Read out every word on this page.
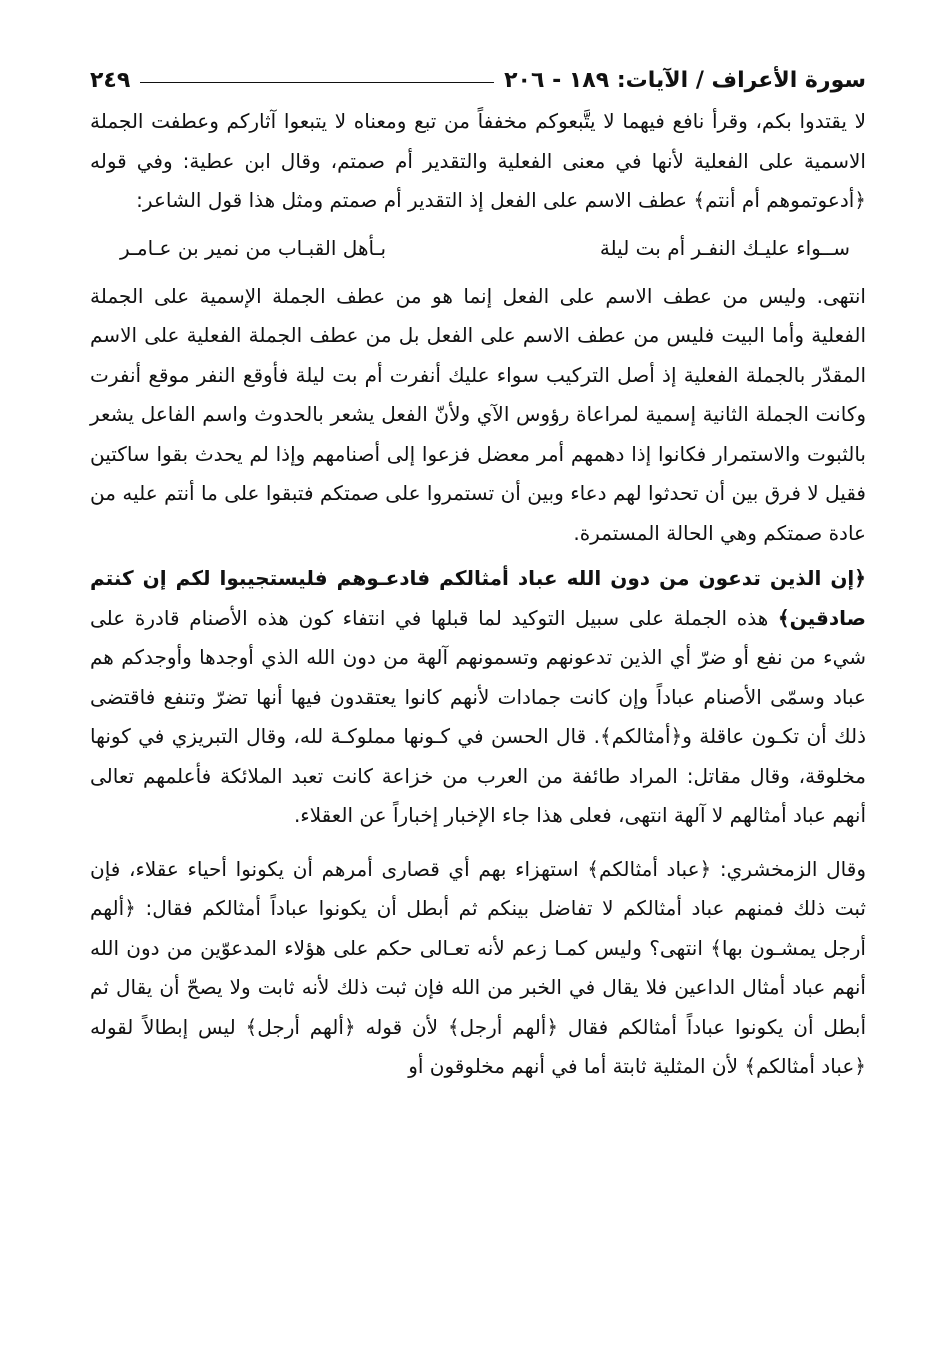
سورة الأعراف / الآيات: ١٨٩ - ٢٠٦
٢٤٩

لا يقتدوا بكم، وقرأ نافع فيهما لا يتَّبعوكم مخففاً من تبع ومعناه لا يتبعوا آثاركم وعطفت الجملة الاسمية على الفعلية لأنها في معنى الفعلية والتقدير أم صمتم، وقال ابن عطية: وفي قوله ﴿أدعوتموهم أم أنتم﴾ عطف الاسم على الفعل إذ التقدير أم صمتم ومثل هذا قول الشاعر:

ســواء عليـك النفـر أم بت ليلة
بـأهل القبـاب من نمير بن عـامـر

انتهى. وليس من عطف الاسم على الفعل إنما هو من عطف الجملة الإسمية على الجملة الفعلية وأما البيت فليس من عطف الاسم على الفعل بل من عطف الجملة الفعلية على الاسم المقدّر بالجملة الفعلية إذ أصل التركيب سواء عليك أنفرت أم بت ليلة فأوقع النفر موقع أنفرت وكانت الجملة الثانية إسمية لمراعاة رؤوس الآي ولأنّ الفعل يشعر بالحدوث واسم الفاعل يشعر بالثبوت والاستمرار فكانوا إذا دهمهم أمر معضل فزعوا إلى أصنامهم وإذا لم يحدث بقوا ساكتين فقيل لا فرق بين أن تحدثوا لهم دعاء وبين أن تستمروا على صمتكم فتبقوا على ما أنتم عليه من عادة صمتكم وهي الحالة المستمرة.

﴿إن الذين تدعون من دون الله عباد أمثالكم فادعـوهم فليستجيبوا لكم إن كنتم صادقين﴾ هذه الجملة على سبيل التوكيد لما قبلها في انتفاء كون هذه الأصنام قادرة على شيء من نفع أو ضرّ أي الذين تدعونهم وتسمونهم آلهة من دون الله الذي أوجدها وأوجدكم هم عباد وسمّى الأصنام عباداً وإن كانت جمادات لأنهم كانوا يعتقدون فيها أنها تضرّ وتنفع فاقتضى ذلك أن تكـون عاقلة و﴿أمثالكم﴾. قال الحسن في كـونها مملوكـة لله، وقال التبريزي في كونها مخلوقة، وقال مقاتل: المراد طائفة من العرب من خزاعة كانت تعبد الملائكة فأعلمهم تعالى أنهم عباد أمثالهم لا آلهة انتهى، فعلى هذا جاء الإخبار إخباراً عن العقلاء.

وقال الزمخشري: ﴿عباد أمثالكم﴾ استهزاء بهم أي قصارى أمرهم أن يكونوا أحياء عقلاء، فإن ثبت ذلك فمنهم عباد أمثالكم لا تفاضل بينكم ثم أبطل أن يكونوا عباداً أمثالكم فقال: ﴿ألهم أرجل يمشـون بها﴾ انتهى؟ وليس كمـا زعم لأنه تعـالى حكم على هؤلاء المدعوّين من دون الله أنهم عباد أمثال الداعين فلا يقال في الخبر من الله فإن ثبت ذلك لأنه ثابت ولا يصحّ أن يقال ثم أبطل أن يكونوا عباداً أمثالكم فقال ﴿ألهم أرجل﴾ لأن قوله ﴿ألهم أرجل﴾ ليس إبطالاً لقوله ﴿عباد أمثالكم﴾ لأن المثلية ثابتة أما في أنهم مخلوقون أو
